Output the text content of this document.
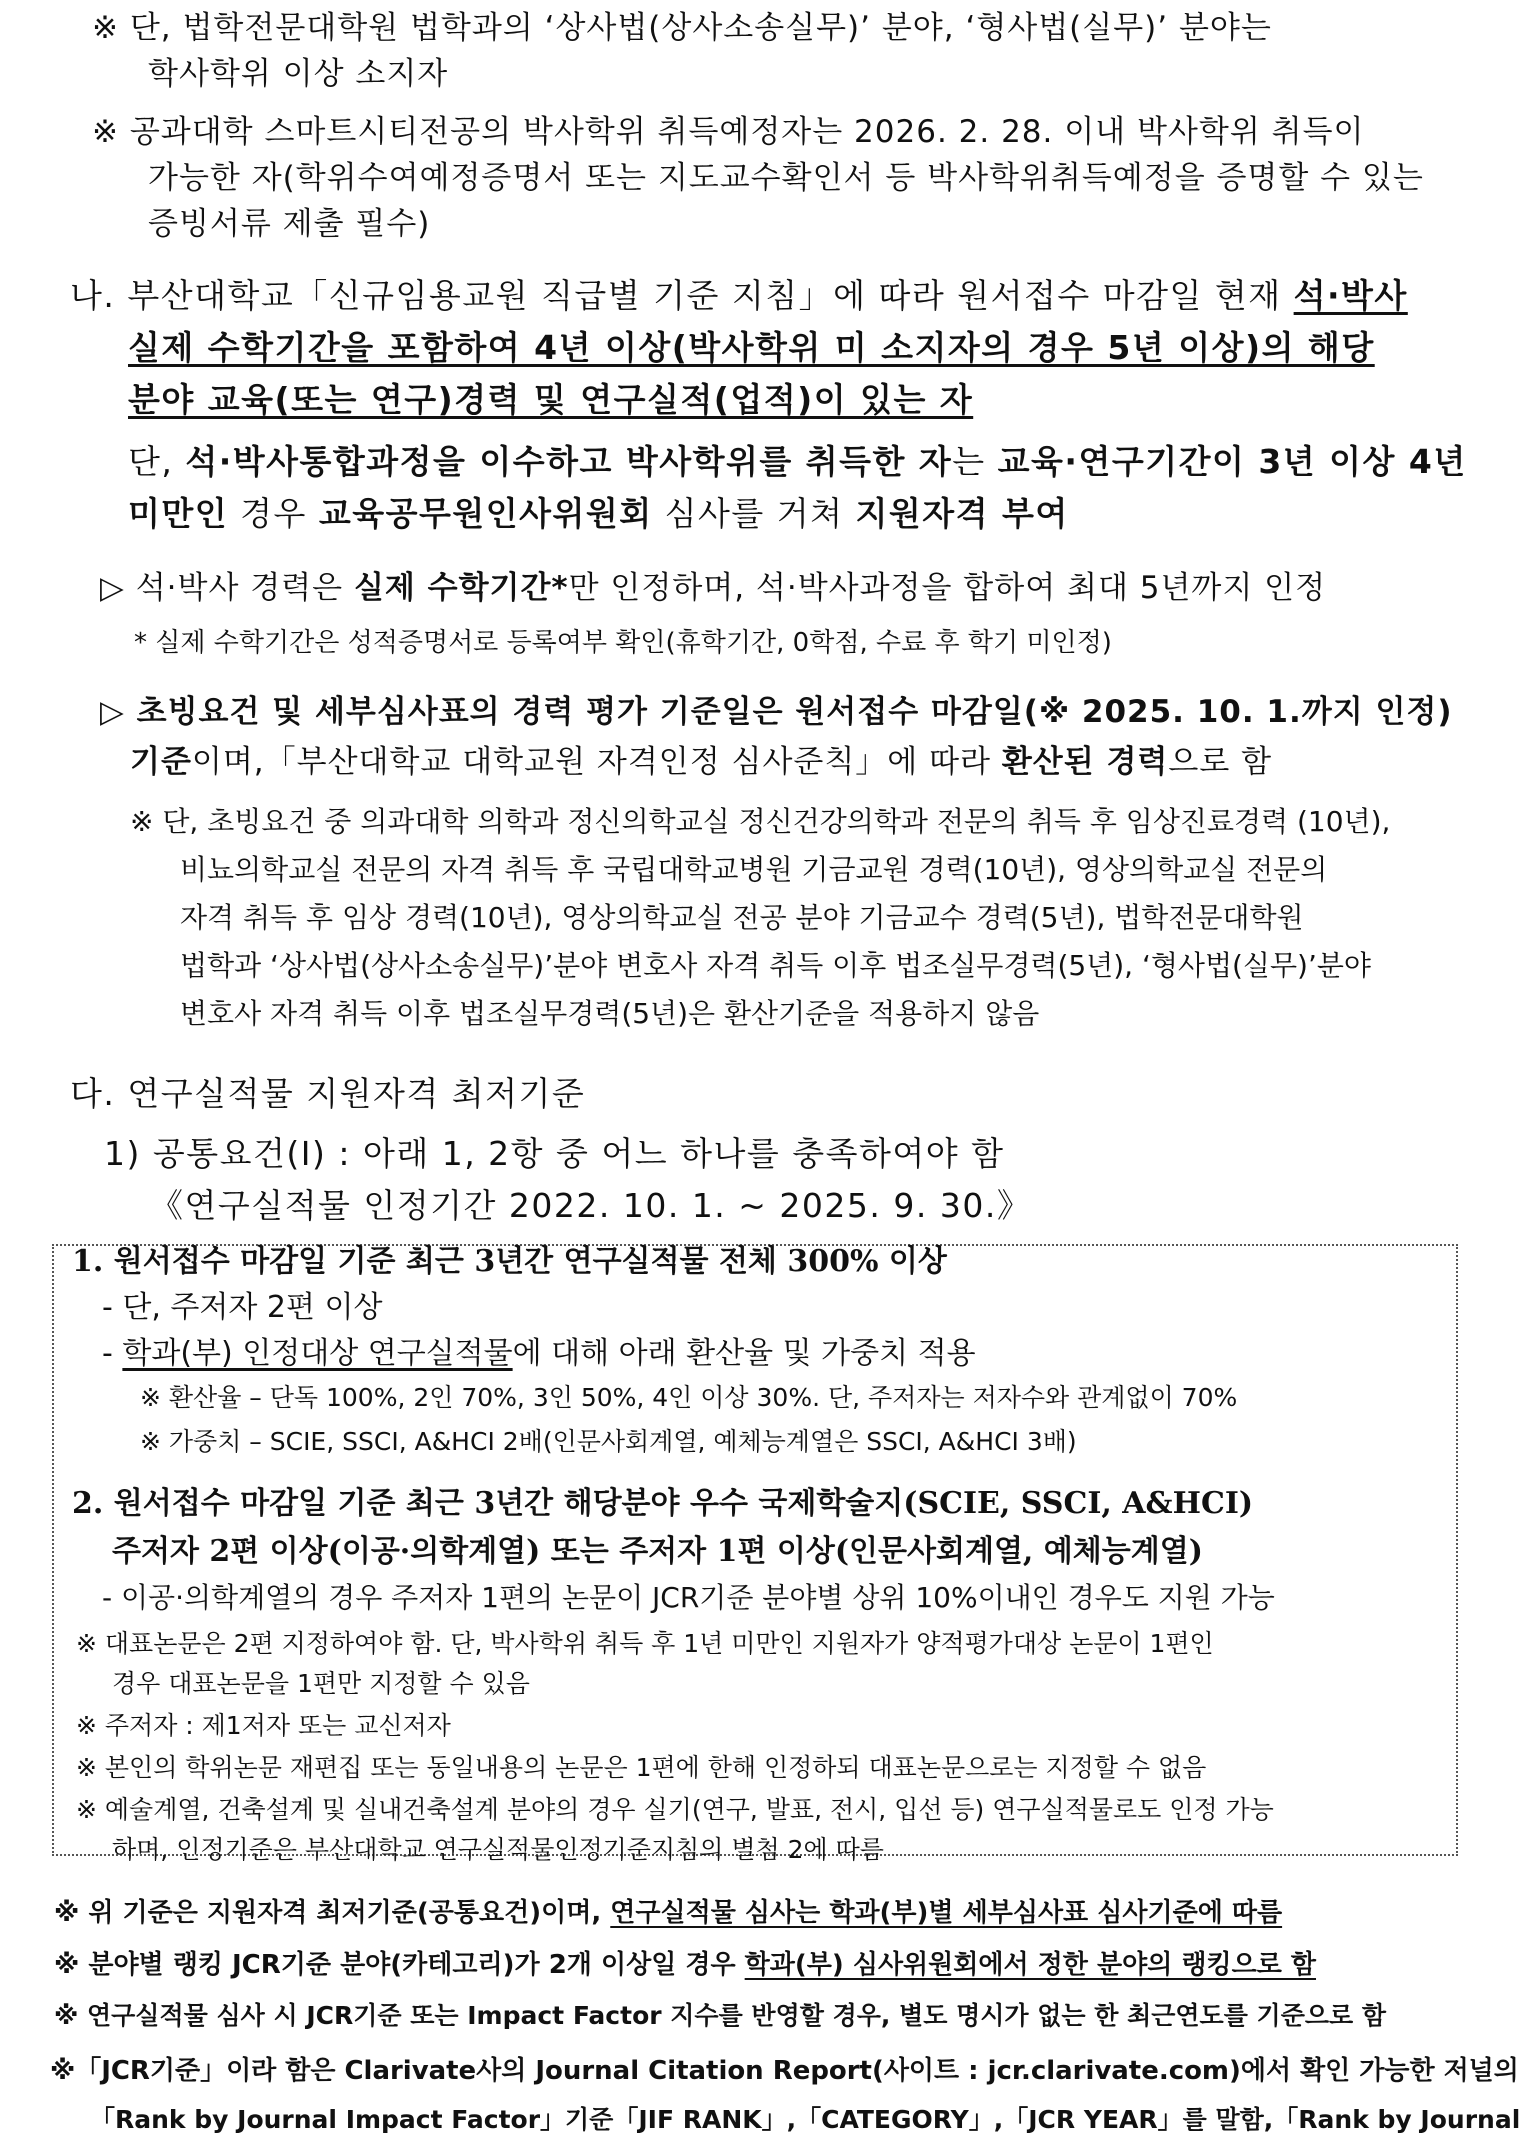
※ 단, 법학전문대학원 법학과의 ‘상사법(상사소송실무)’ 분야, ‘형사법(실무)’ 분야는
학사학위 이상 소지자
※ 공과대학 스마트시티전공의 박사학위 취득예정자는 2026. 2. 28. 이내 박사학위 취득이
가능한 자(학위수여예정증명서 또는 지도교수확인서 등 박사학위취득예정을 증명할 수 있는
증빙서류 제출 필수)
나. 부산대학교「신규임용교원 직급별 기준 지침」에 따라 원서접수 마감일 현재 석·박사
실제 수학기간을 포함하여 4년 이상(박사학위 미 소지자의 경우 5년 이상)의 해당
분야 교육(또는 연구)경력 및 연구실적(업적)이 있는 자
단, 석·박사통합과정을 이수하고 박사학위를 취득한 자는 교육·연구기간이 3년 이상 4년
미만인 경우 교육공무원인사위원회 심사를 거쳐 지원자격 부여
▷ 석·박사 경력은 실제 수학기간*만 인정하며, 석·박사과정을 합하여 최대 5년까지 인정
* 실제 수학기간은 성적증명서로 등록여부 확인(휴학기간, 0학점, 수료 후 학기 미인정)
▷ 초빙요건 및 세부심사표의 경력 평가 기준일은 원서접수 마감일(※ 2025. 10. 1.까지 인정)
기준이며,「부산대학교 대학교원 자격인정 심사준칙」에 따라 환산된 경력으로 함
※ 단, 초빙요건 중 의과대학 의학과 정신의학교실 정신건강의학과 전문의 취득 후 임상진료경력 (10년),
비뇨의학교실 전문의 자격 취득 후 국립대학교병원 기금교원 경력(10년), 영상의학교실 전문의
자격 취득 후 임상 경력(10년), 영상의학교실 전공 분야 기금교수 경력(5년), 법학전문대학원
법학과 ‘상사법(상사소송실무)’분야 변호사 자격 취득 이후 법조실무경력(5년), ‘형사법(실무)’분야
변호사 자격 취득 이후 법조실무경력(5년)은 환산기준을 적용하지 않음
다. 연구실적물 지원자격 최저기준
1) 공통요건(Ⅰ) : 아래 1, 2항 중 어느 하나를 충족하여야 함
《연구실적물 인정기간 2022. 10. 1. ~ 2025. 9. 30.》
1. 원서접수 마감일 기준 최근 3년간 연구실적물 전체 300% 이상
- 단, 주저자 2편 이상
- 학과(부) 인정대상 연구실적물에 대해 아래 환산율 및 가중치 적용
※ 환산율 – 단독 100%, 2인 70%, 3인 50%, 4인 이상 30%. 단, 주저자는 저자수와 관계없이 70%
※ 가중치 – SCIE, SSCI, A&HCI 2배(인문사회계열, 예체능계열은 SSCI, A&HCI 3배)
2. 원서접수 마감일 기준 최근 3년간 해당분야 우수 국제학술지(SCIE, SSCI, A&HCI)
주저자 2편 이상(이공·의학계열) 또는 주저자 1편 이상(인문사회계열, 예체능계열)
- 이공·의학계열의 경우 주저자 1편의 논문이 JCR기준 분야별 상위 10%이내인 경우도 지원 가능
※ 대표논문은 2편 지정하여야 함. 단, 박사학위 취득 후 1년 미만인 지원자가 양적평가대상 논문이 1편인
경우 대표논문을 1편만 지정할 수 있음
※ 주저자 : 제1저자 또는 교신저자
※ 본인의 학위논문 재편집 또는 동일내용의 논문은 1편에 한해 인정하되 대표논문으로는 지정할 수 없음
※ 예술계열, 건축설계 및 실내건축설계 분야의 경우 실기(연구, 발표, 전시, 입선 등) 연구실적물로도 인정 가능
하며, 인정기준은 부산대학교 연구실적물인정기준지침의 별첨 2에 따름
※ 위 기준은 지원자격 최저기준(공통요건)이며, 연구실적물 심사는 학과(부)별 세부심사표 심사기준에 따름
※ 분야별 랭킹 JCR기준 분야(카테고리)가 2개 이상일 경우 학과(부) 심사위원회에서 정한 분야의 랭킹으로 함
※ 연구실적물 심사 시 JCR기준 또는 Impact Factor 지수를 반영할 경우, 별도 명시가 없는 한 최근연도를 기준으로 함
※「JCR기준」이라 함은 Clarivate사의 Journal Citation Report(사이트 : jcr.clarivate.com)에서 확인 가능한 저널의
「Rank by Journal Impact Factor」기준「JIF RANK」,「CATEGORY」,「JCR YEAR」를 말함,「Rank by Journal
